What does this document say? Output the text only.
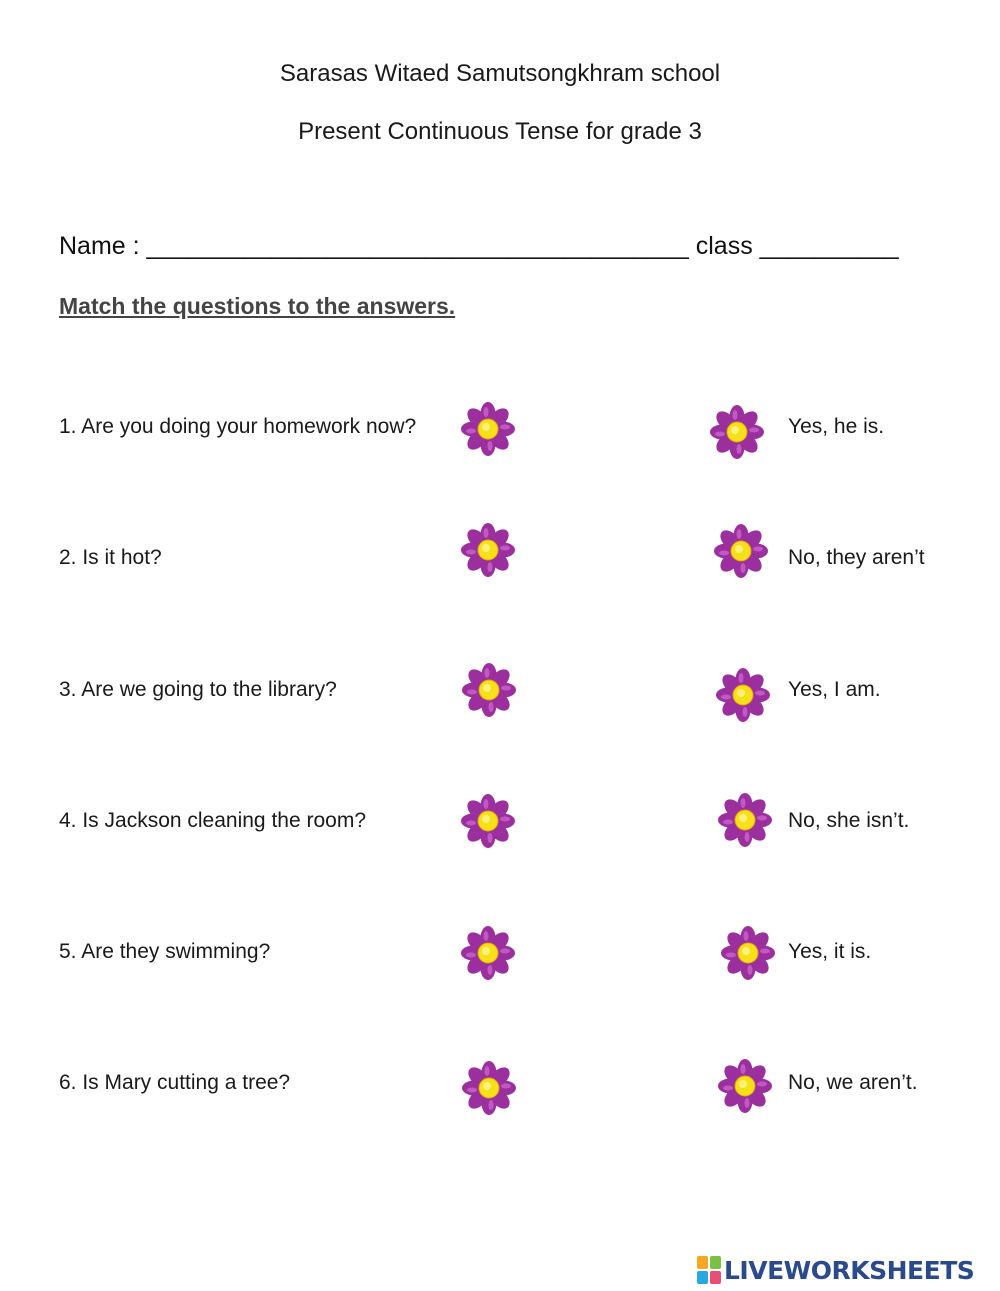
Sarasas Witaed Samutsongkhram school
Present Continuous Tense for grade 3
Name : _______________________________________ class __________
Match the questions to the answers.
1. Are you doing your homework now?
2. Is it hot?
3. Are we going to the library?
4. Is Jackson cleaning the room?
5. Are they swimming?
6. Is Mary cutting a tree?
Yes, he is.
No, they aren’t
Yes, I am.
No, she isn’t.
Yes, it is.
No, we aren’t.
LIVEWORKSHEETS
